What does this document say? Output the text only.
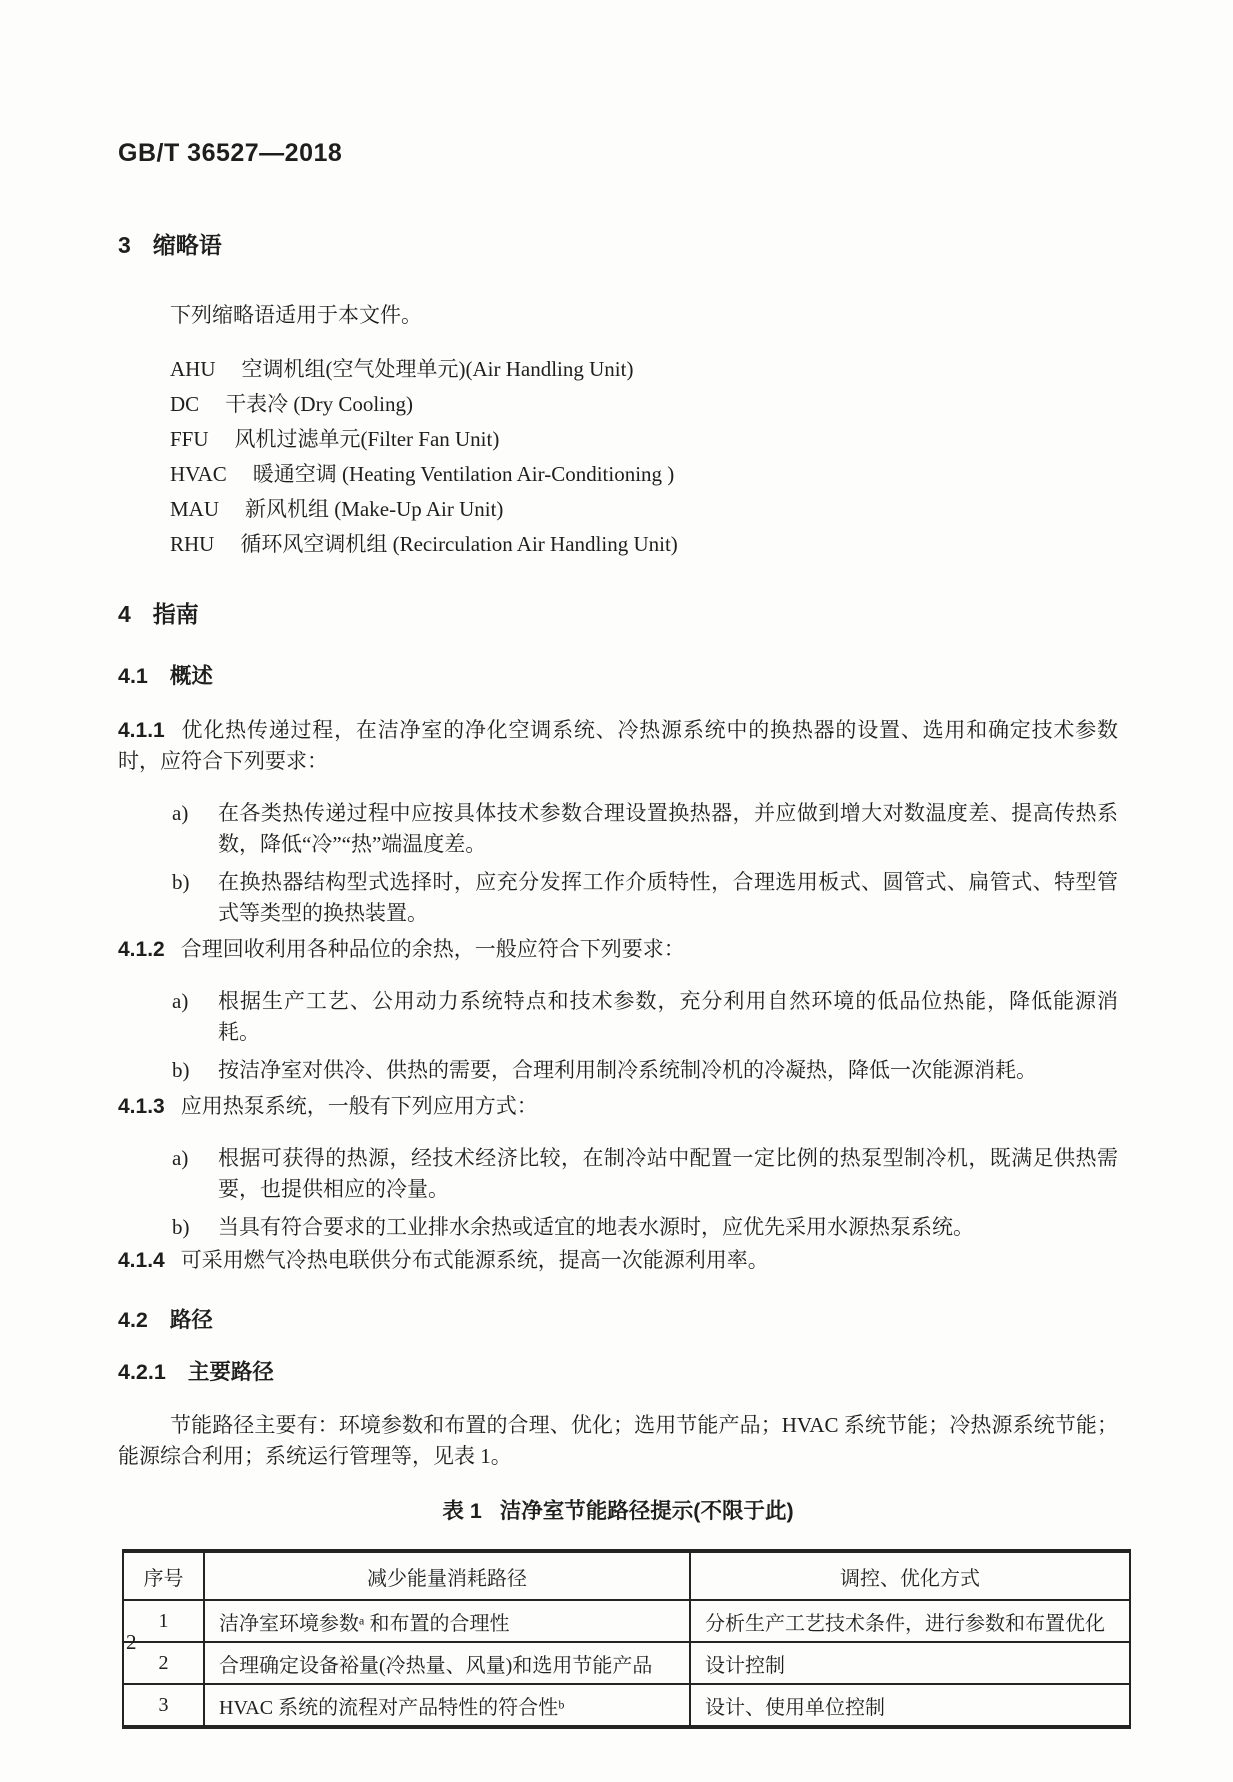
GB/T 36527—2018
3 缩略语

下列缩略语适用于本文件。

AHU 空调机组(空气处理单元)(Air Handling Unit)
DC 干表冷 (Dry Cooling)
FFU 风机过滤单元(Filter Fan Unit)
HVAC 暖通空调 (Heating Ventilation Air-Conditioning )
MAU 新风机组 (Make-Up Air Unit)
RHU 循环风空调机组 (Recirculation Air Handling Unit)
4 指南
4.1 概述

4.1.1 优化热传递过程，在洁净室的净化空调系统、冷热源系统中的换热器的设置、选用和确定技术参数时，应符合下列要求：

a) 在各类热传递过程中应按具体技术参数合理设置换热器，并应做到增大对数温度差、提高传热系数，降低“冷”“热”端温度差。
b) 在换热器结构型式选择时，应充分发挥工作介质特性，合理选用板式、圆管式、扁管式、特型管式等类型的换热装置。

4.1.2 合理回收利用各种品位的余热，一般应符合下列要求：

a) 根据生产工艺、公用动力系统特点和技术参数，充分利用自然环境的低品位热能，降低能源消耗。
b) 按洁净室对供冷、供热的需要，合理利用制冷系统制冷机的冷凝热，降低一次能源消耗。

4.1.3 应用热泵系统，一般有下列应用方式：

a) 根据可获得的热源，经技术经济比较，在制冷站中配置一定比例的热泵型制冷机，既满足供热需要，也提供相应的冷量。
b) 当具有符合要求的工业排水余热或适宜的地表水源时，应优先采用水源热泵系统。

4.1.4 可采用燃气冷热电联供分布式能源系统，提高一次能源利用率。

4.2 路径
4.2.1 主要路径

节能路径主要有：环境参数和布置的合理、优化；选用节能产品；HVAC 系统节能；冷热源系统节能；能源综合利用；系统运行管理等，见表 1。

表 1 洁净室节能路径提示(不限于此)
序号	减少能量消耗路径	调控、优化方式
1	洁净室环境参数ᵃ 和布置的合理性	分析生产工艺技术条件，进行参数和布置优化
2	合理确定设备裕量(冷热量、风量)和选用节能产品	设计控制
3	HVAC 系统的流程对产品特性的符合性ᵇ	设计、使用单位控制
2
